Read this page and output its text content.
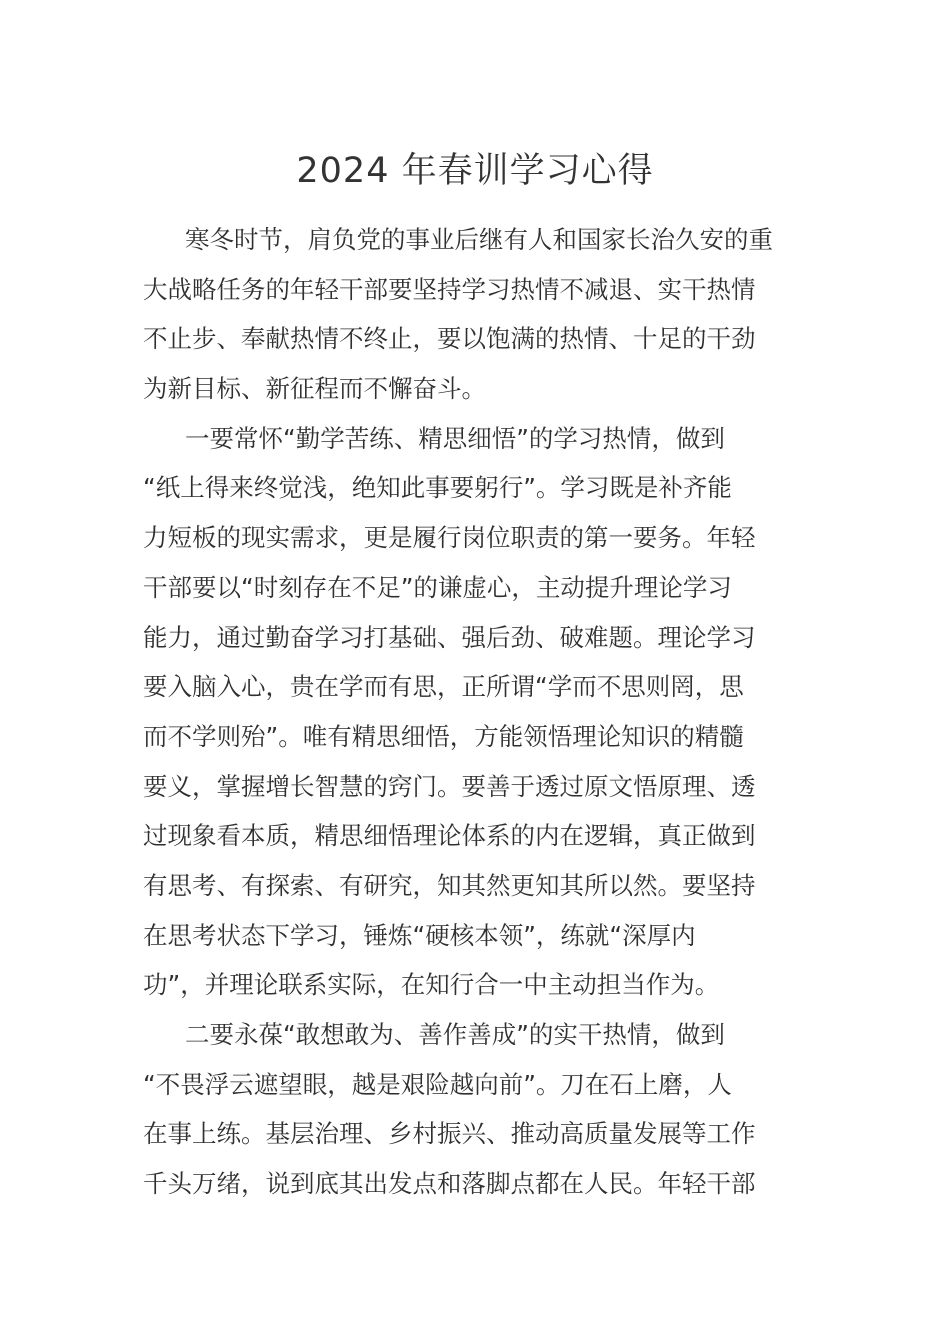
2024 年春训学习心得
寒冬时节，肩负党的事业后继有人和国家长治久安的重
大战略任务的年轻干部要坚持学习热情不减退、实干热情
不止步、奉献热情不终止，要以饱满的热情、十足的干劲
为新目标、新征程而不懈奋斗。
一要常怀“勤学苦练、精思细悟”的学习热情，做到
“纸上得来终觉浅，绝知此事要躬行”。学习既是补齐能
力短板的现实需求，更是履行岗位职责的第一要务。年轻
干部要以“时刻存在不足”的谦虚心，主动提升理论学习
能力，通过勤奋学习打基础、强后劲、破难题。理论学习
要入脑入心，贵在学而有思，正所谓“学而不思则罔，思
而不学则殆”。唯有精思细悟，方能领悟理论知识的精髓
要义，掌握增长智慧的窍门。要善于透过原文悟原理、透
过现象看本质，精思细悟理论体系的内在逻辑，真正做到
有思考、有探索、有研究，知其然更知其所以然。要坚持
在思考状态下学习，锤炼“硬核本领”，练就“深厚内
功”，并理论联系实际，在知行合一中主动担当作为。
二要永葆“敢想敢为、善作善成”的实干热情，做到
“不畏浮云遮望眼，越是艰险越向前”。刀在石上磨，人
在事上练。基层治理、乡村振兴、推动高质量发展等工作
千头万绪，说到底其出发点和落脚点都在人民。年轻干部
